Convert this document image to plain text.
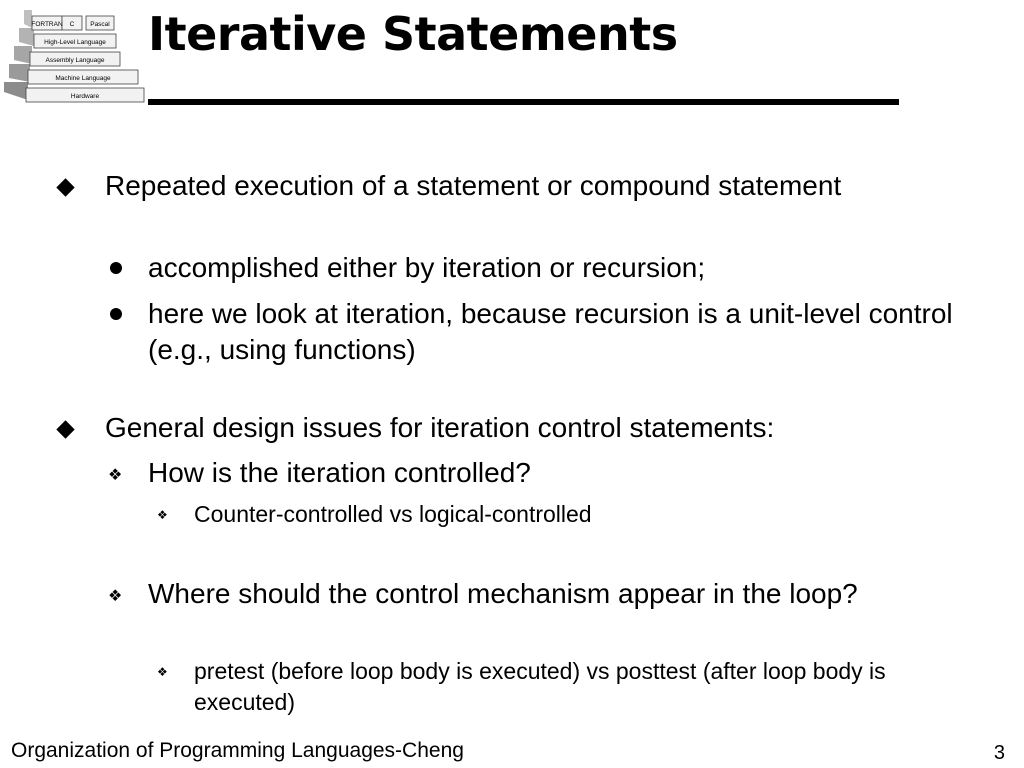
FORTRAN C Pascal
High-Level Language
Assembly Language
Machine Language
Hardware
Iterative Statements
Repeated execution of a statement or compound statement
accomplished either by iteration or recursion;
here we look at iteration, because recursion is a unit-level control (e.g., using functions)
General design issues for iteration control statements:
❖ How is the iteration controlled?
❖ Counter-controlled vs logical-controlled
❖ Where should the control mechanism appear in the loop?
❖ pretest (before loop body is executed) vs posttest (after loop body is executed)
Organization of Programming Languages-Cheng	3
